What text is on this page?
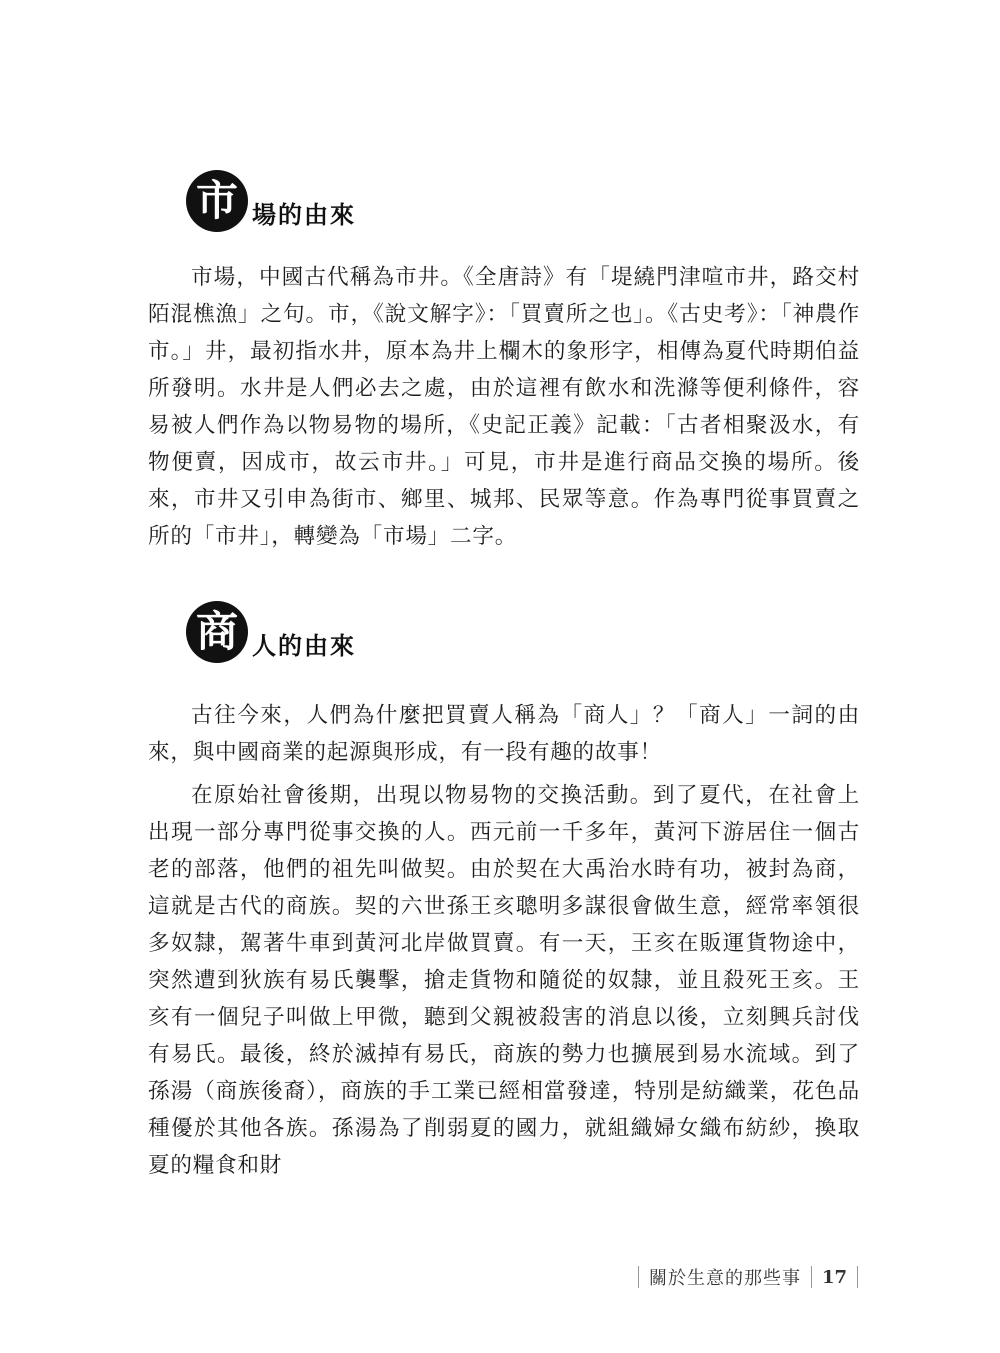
市 場的由來

市場，中國古代稱為市井。《全唐詩》有「堤繞門津喧市井，路交村陌混樵漁」之句。市，《說文解字》：「買賣所之也」。《古史考》：「神農作市。」井，最初指水井，原本為井上欄木的象形字，相傳為夏代時期伯益所發明。水井是人們必去之處，由於這裡有飲水和洗滌等便利條件，容易被人們作為以物易物的場所，《史記正義》記載：「古者相聚汲水，有物便賣，因成市，故云市井。」可見，市井是進行商品交換的場所。後來，市井又引申為街市、鄉里、城邦、民眾等意。作為專門從事買賣之所的「市井」，轉變為「市場」二字。

商 人的由來

古往今來，人們為什麼把買賣人稱為「商人」？「商人」一詞的由來，與中國商業的起源與形成，有一段有趣的故事！

在原始社會後期，出現以物易物的交換活動。到了夏代，在社會上出現一部分專門從事交換的人。西元前一千多年，黃河下游居住一個古老的部落，他們的祖先叫做契。由於契在大禹治水時有功，被封為商，這就是古代的商族。契的六世孫王亥聰明多謀很會做生意，經常率領很多奴隸，駕著牛車到黃河北岸做買賣。有一天，王亥在販運貨物途中，突然遭到狄族有易氏襲擊，搶走貨物和隨從的奴隸，並且殺死王亥。王亥有一個兒子叫做上甲微，聽到父親被殺害的消息以後，立刻興兵討伐有易氏。最後，終於滅掉有易氏，商族的勢力也擴展到易水流域。到了孫湯（商族後裔），商族的手工業已經相當發達，特別是紡織業，花色品種優於其他各族。孫湯為了削弱夏的國力，就組織婦女織布紡紗，換取夏的糧食和財

關於生意的那些事 17
